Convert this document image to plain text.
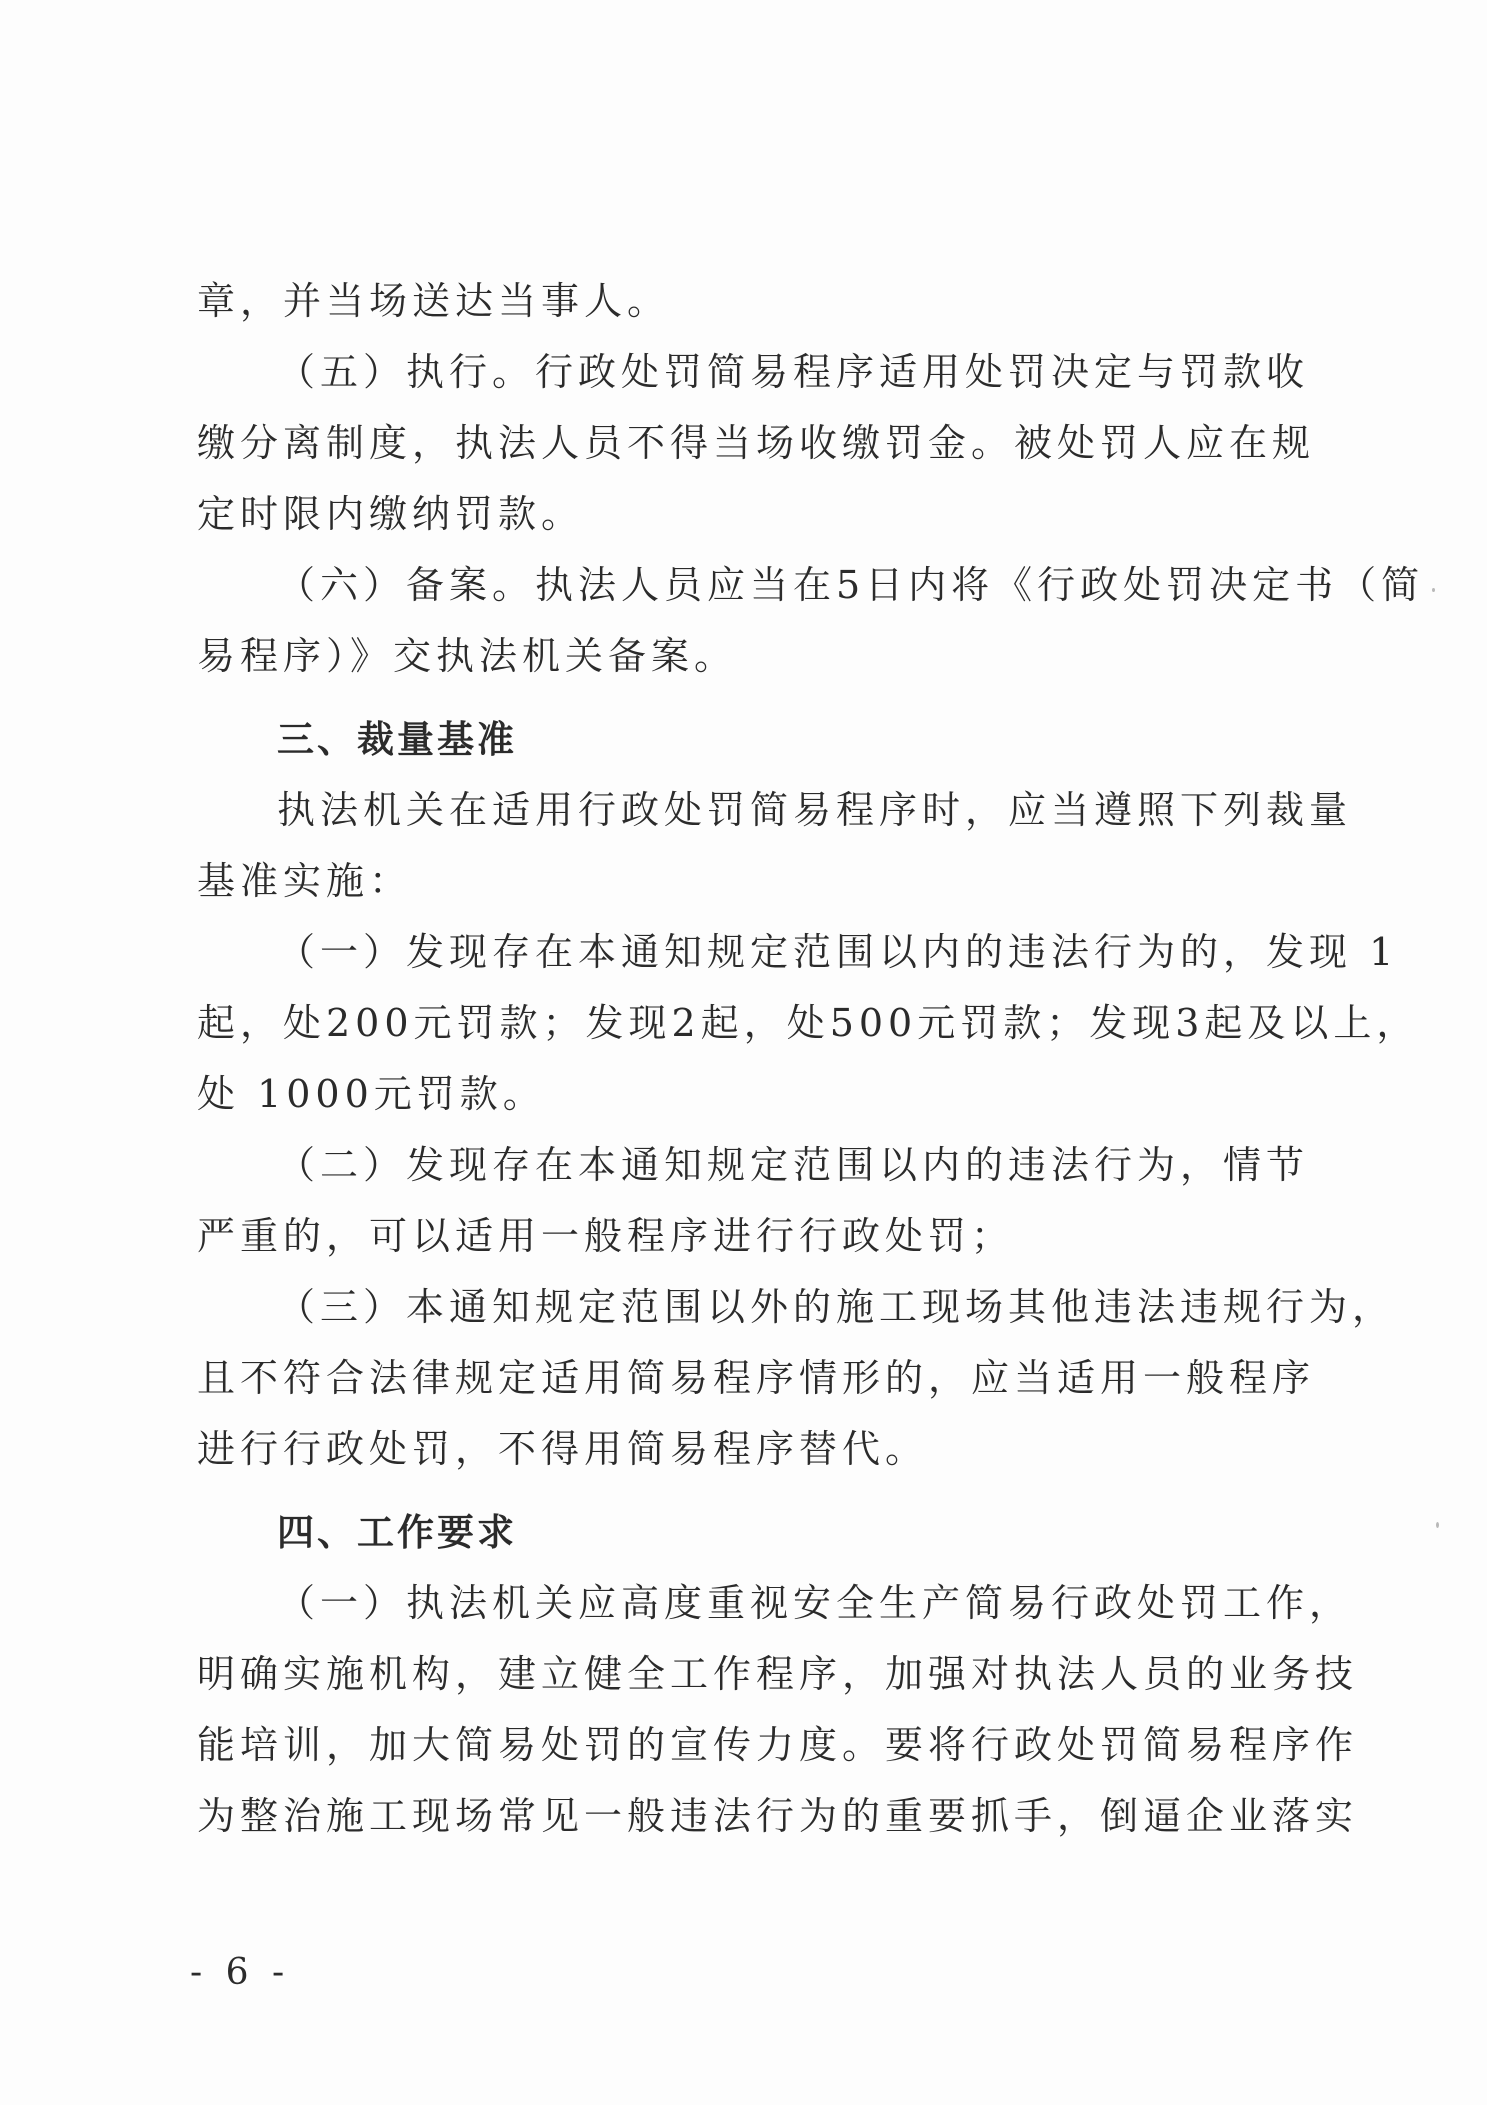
章，并当场送达当事人。
（五）执行。行政处罚简易程序适用处罚决定与罚款收
缴分离制度，执法人员不得当场收缴罚金。被处罚人应在规
定时限内缴纳罚款。
（六）备案。执法人员应当在5日内将《行政处罚决定书（简
易程序）》交执法机关备案。
三、裁量基准
执法机关在适用行政处罚简易程序时，应当遵照下列裁量
基准实施：
（一）发现存在本通知规定范围以内的违法行为的，发现 1
起，处200元罚款；发现2起，处500元罚款；发现3起及以上，
处 1000元罚款。
（二）发现存在本通知规定范围以内的违法行为，情节
严重的，可以适用一般程序进行行政处罚；
（三）本通知规定范围以外的施工现场其他违法违规行为，
且不符合法律规定适用简易程序情形的，应当适用一般程序
进行行政处罚，不得用简易程序替代。
四、工作要求
（一）执法机关应高度重视安全生产简易行政处罚工作，
明确实施机构，建立健全工作程序，加强对执法人员的业务技
能培训，加大简易处罚的宣传力度。要将行政处罚简易程序作
为整治施工现场常见一般违法行为的重要抓手，倒逼企业落实
- 6 -
